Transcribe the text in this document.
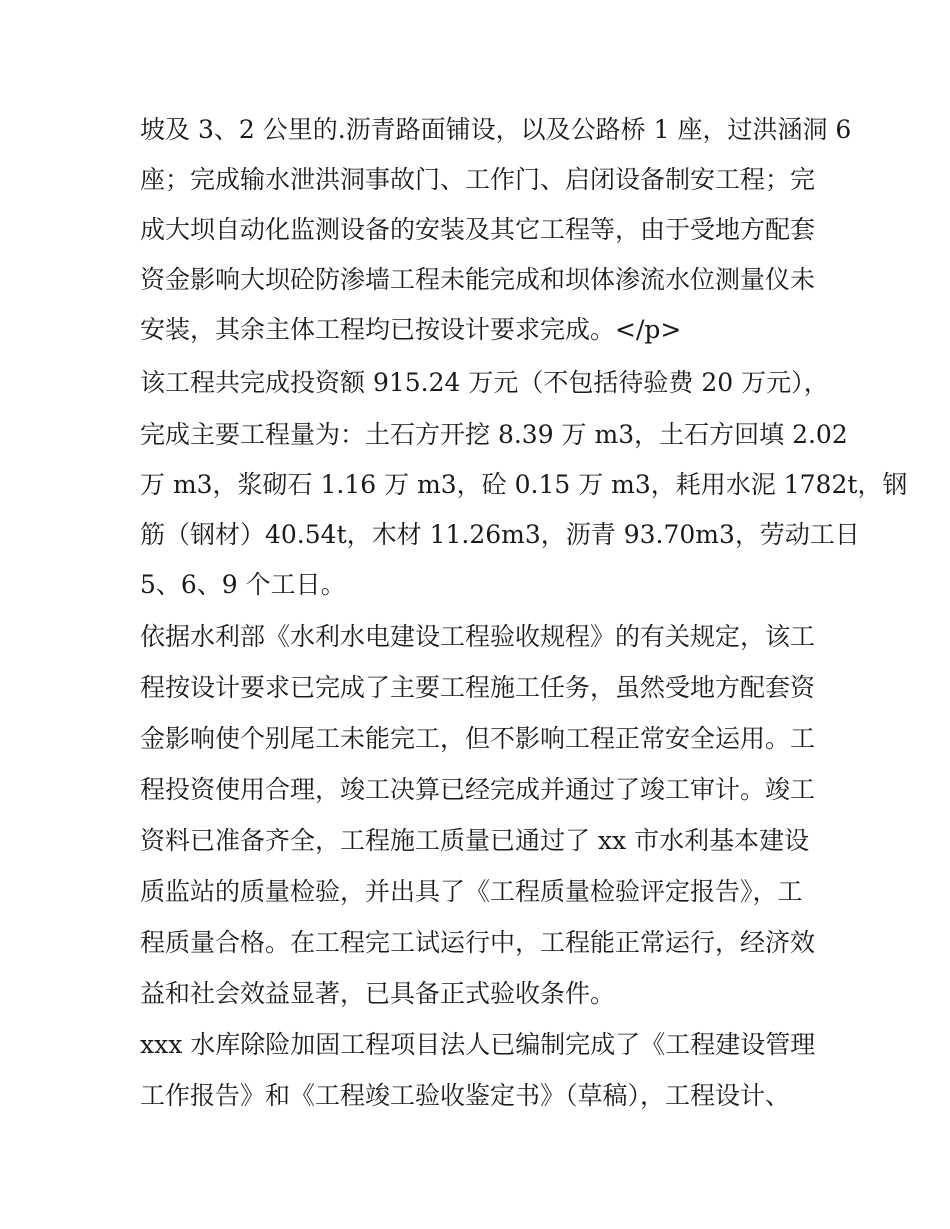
坡及 3、2 公里的.沥青路面铺设，以及公路桥 1 座，过洪涵洞 6
座；完成输水泄洪洞事故门、工作门、启闭设备制安工程；完
成大坝自动化监测设备的安装及其它工程等，由于受地方配套
资金影响大坝砼防渗墙工程未能完成和坝体渗流水位测量仪未
安装，其余主体工程均已按设计要求完成。</p>
该工程共完成投资额 915.24 万元（不包括待验费 20 万元），
完成主要工程量为：土石方开挖 8.39 万 m3，土石方回填 2.02
万 m3，浆砌石 1.16 万 m3，砼 0.15 万 m3，耗用水泥 1782t，钢
筋（钢材）40.54t，木材 11.26m3，沥青 93.70m3，劳动工日
5、6、9 个工日。
依据水利部《水利水电建设工程验收规程》的有关规定，该工
程按设计要求已完成了主要工程施工任务，虽然受地方配套资
金影响使个别尾工未能完工，但不影响工程正常安全运用。工
程投资使用合理，竣工决算已经完成并通过了竣工审计。竣工
资料已准备齐全，工程施工质量已通过了 xx 市水利基本建设
质监站的质量检验，并出具了《工程质量检验评定报告》，工
程质量合格。在工程完工试运行中，工程能正常运行，经济效
益和社会效益显著，已具备正式验收条件。
xxx 水库除险加固工程项目法人已编制完成了《工程建设管理
工作报告》和《工程竣工验收鉴定书》（草稿），工程设计、
